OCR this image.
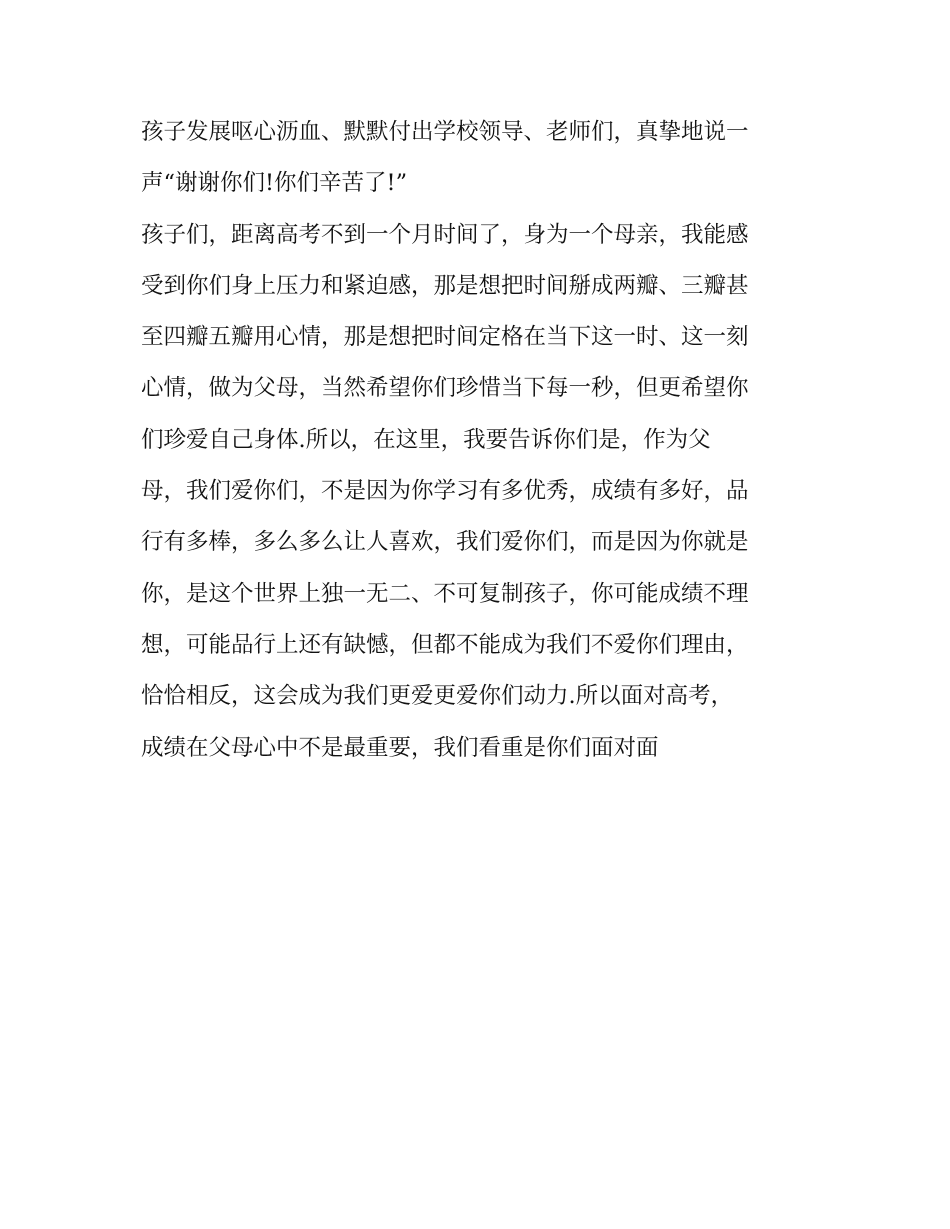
孩子发展呕心沥血、默默付出学校领导、老师们，真挚地说一
声“谢谢你们!你们辛苦了!”
孩子们，距离高考不到一个月时间了，身为一个母亲，我能感
受到你们身上压力和紧迫感，那是想把时间掰成两瓣、三瓣甚
至四瓣五瓣用心情，那是想把时间定格在当下这一时、这一刻
心情，做为父母，当然希望你们珍惜当下每一秒，但更希望你
们珍爱自己身体.所以，在这里，我要告诉你们是，作为父
母，我们爱你们，不是因为你学习有多优秀，成绩有多好，品
行有多棒，多么多么让人喜欢，我们爱你们，而是因为你就是
你，是这个世界上独一无二、不可复制孩子，你可能成绩不理
想，可能品行上还有缺憾，但都不能成为我们不爱你们理由，
恰恰相反，这会成为我们更爱更爱你们动力.所以面对高考，
成绩在父母心中不是最重要，我们看重是你们面对面
